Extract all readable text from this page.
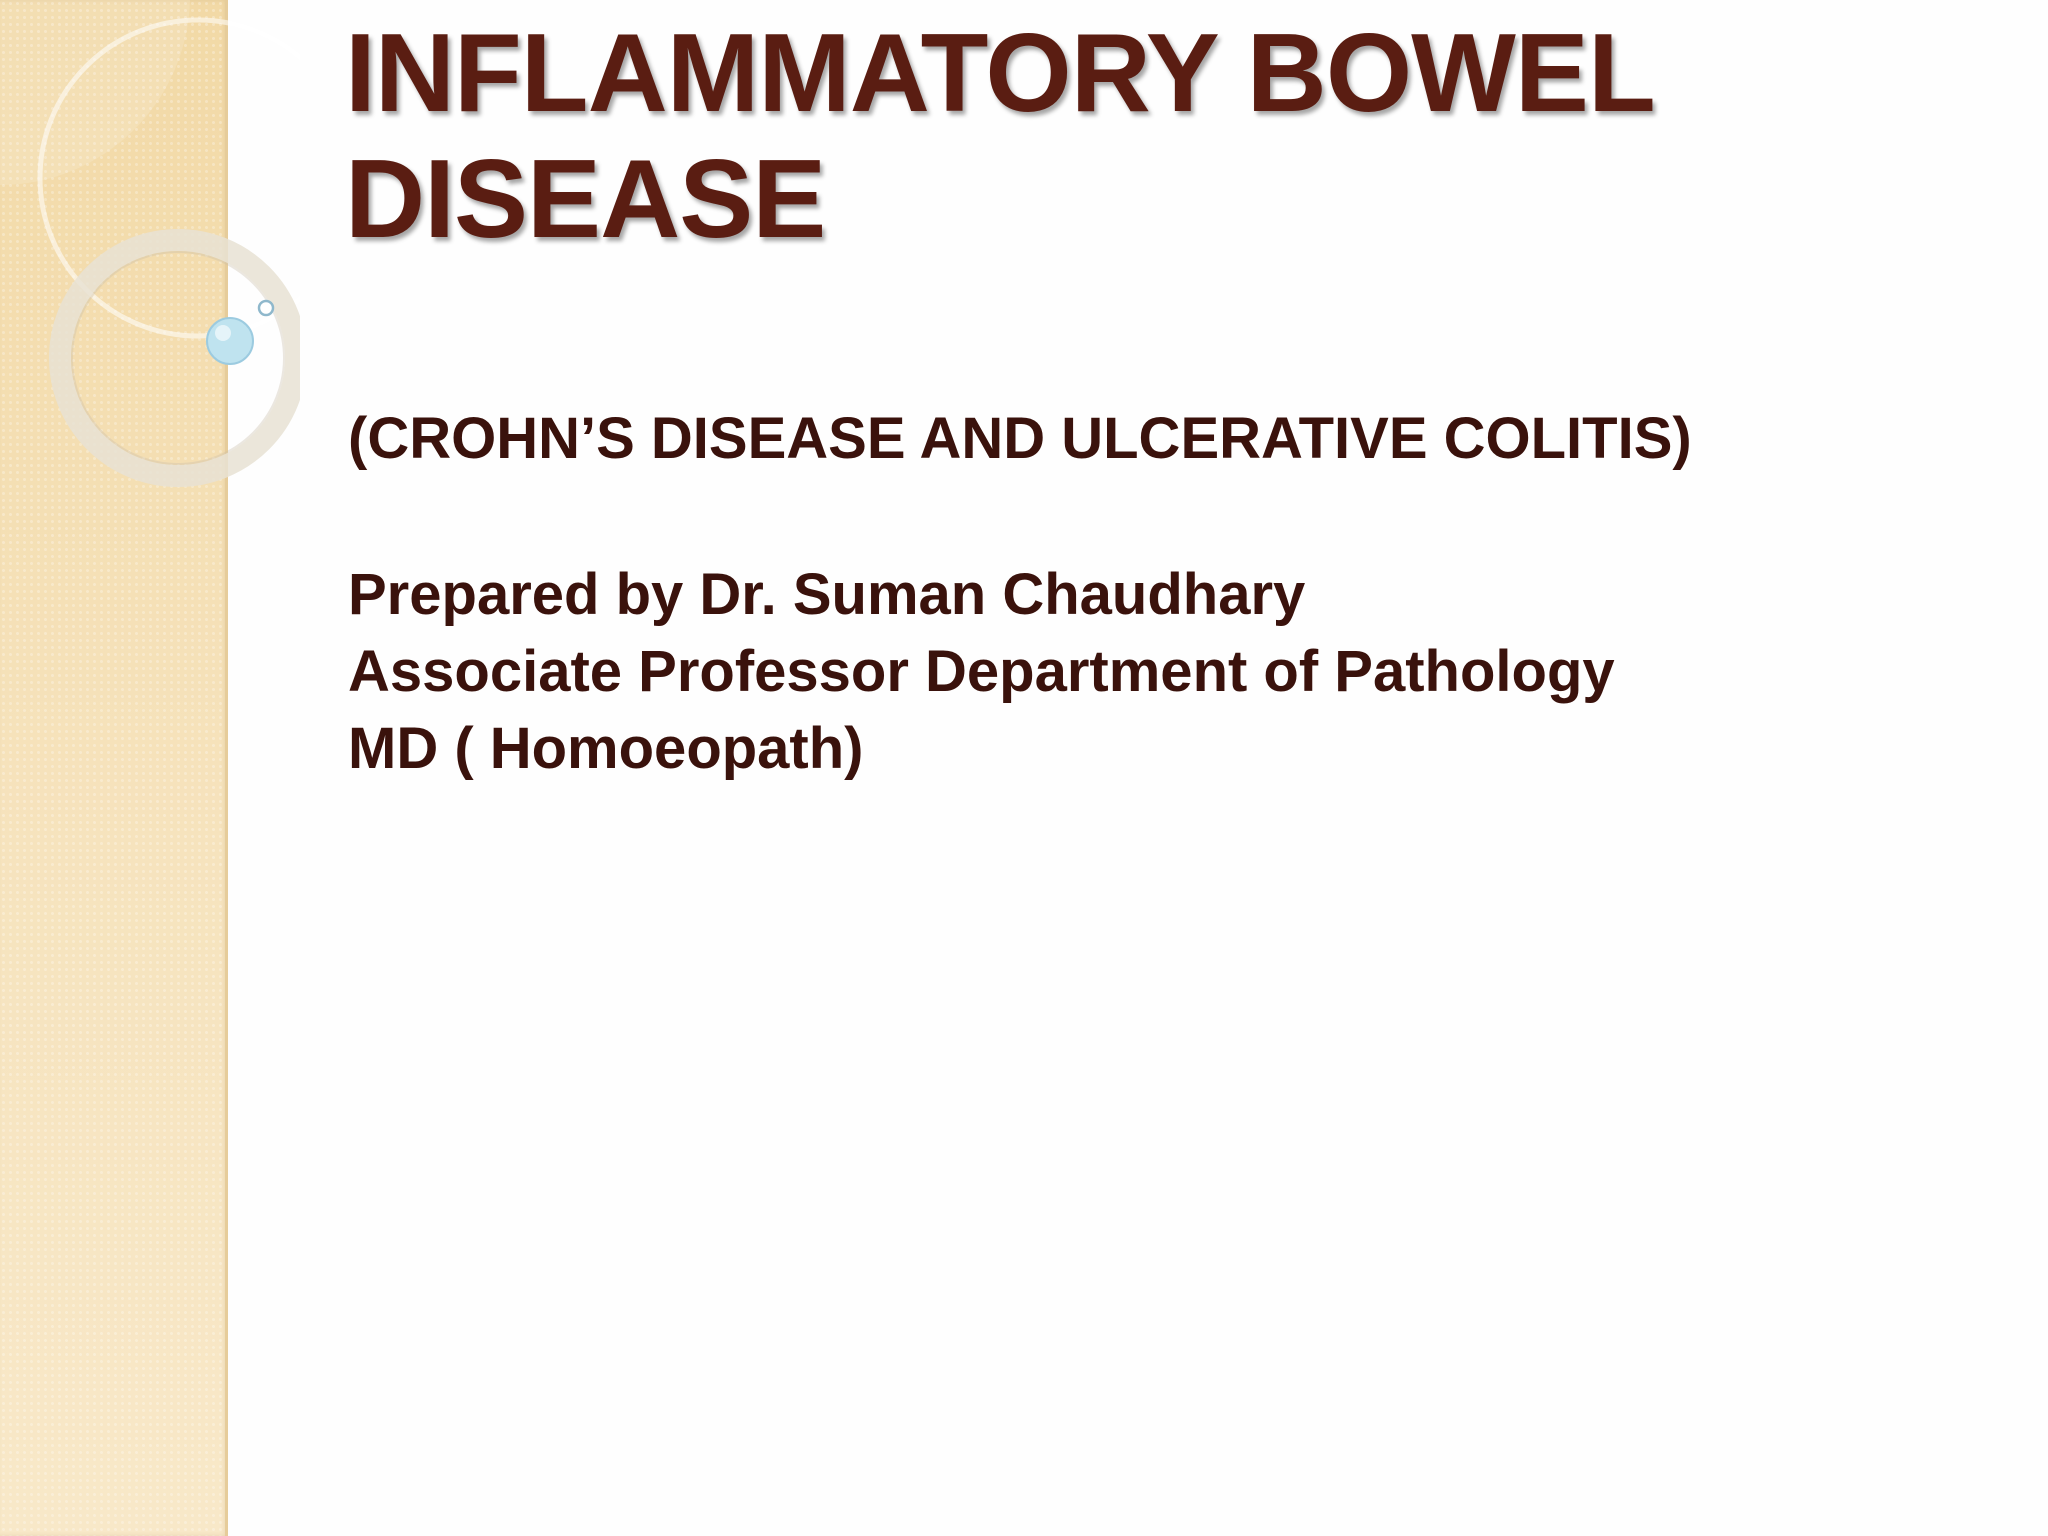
INFLAMMATORY BOWEL
DISEASE

(CROHN’S DISEASE AND ULCERATIVE COLITIS)

Prepared by Dr. Suman Chaudhary
Associate Professor Department of Pathology
MD ( Homoeopath)
